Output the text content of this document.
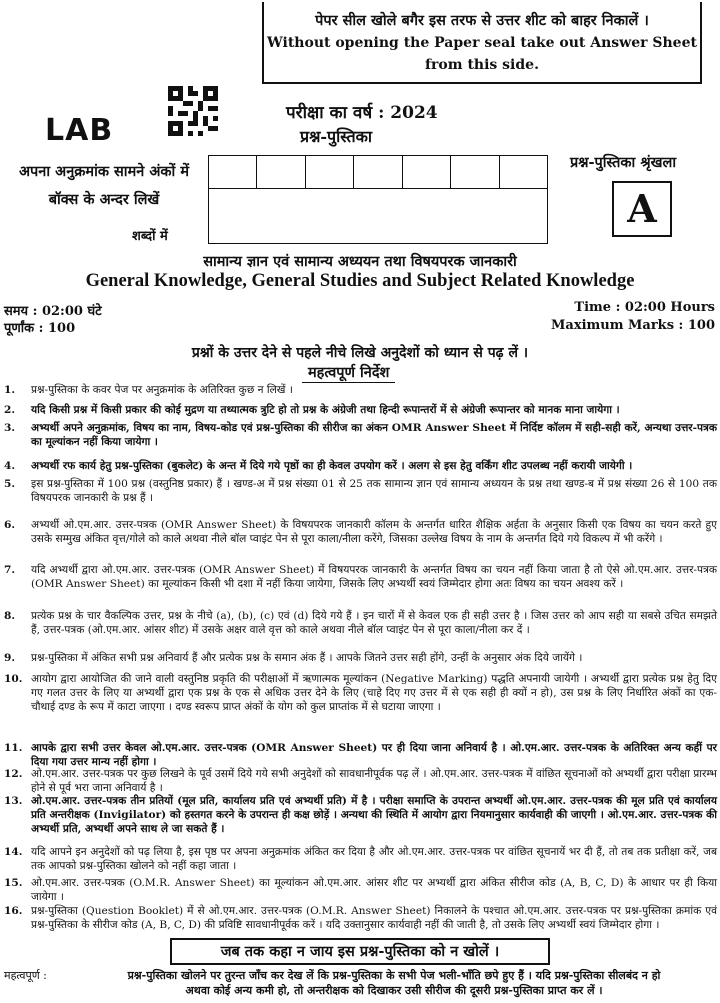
पेपर सील खोले बगैर इस तरफ से उत्तर शीट को बाहर निकालें ।
Without opening the Paper seal take out Answer Sheet
from this side.
LAB	परीक्षा का वर्ष : 2024
प्रश्न-पुस्तिका
अपना अनुक्रमांक सामने अंकों में
बॉक्स के अन्दर लिखें
शब्दों में
प्रश्न-पुस्तिका श्रृंखला
A
सामान्य ज्ञान एवं सामान्य अध्ययन तथा विषयपरक जानकारी
General Knowledge, General Studies and Subject Related Knowledge
समय : 02:00 घंटे
पूर्णांक : 100
Time : 02:00 Hours
Maximum Marks : 100
प्रश्नों के उत्तर देने से पहले नीचे लिखे अनुदेशों को ध्यान से पढ़ लें ।
महत्वपूर्ण निर्देश
1.	प्रश्न-पुस्तिका के कवर पेज पर अनुक्रमांक के अतिरिक्त कुछ न लिखें ।
2.	यदि किसी प्रश्न में किसी प्रकार की कोई मुद्रण या तथ्यात्मक त्रुटि हो तो प्रश्न के अंग्रेजी तथा हिन्दी रूपान्तरों में से अंग्रेजी रूपान्तर को मानक माना जायेगा ।
3.	अभ्यर्थी अपने अनुक्रमांक, विषय का नाम, विषय-कोड एवं प्रश्न-पुस्तिका की सीरीज का अंकन OMR Answer Sheet में निर्दिष्ट कॉलम में सही-सही करें, अन्यथा उत्तर-पत्रक का मूल्यांकन नहीं किया जायेगा ।
4.	अभ्यर्थी रफ कार्य हेतु प्रश्न-पुस्तिका (बुकलेट) के अन्त में दिये गये पृष्ठों का ही केवल उपयोग करें । अलग से इस हेतु वर्किंग शीट उपलब्ध नहीं करायी जायेगी ।
5.	इस प्रश्न-पुस्तिका में 100 प्रश्न (वस्तुनिष्ठ प्रकार) हैं । खण्ड-अ में प्रश्न संख्या 01 से 25 तक सामान्य ज्ञान एवं सामान्य अध्ययन के प्रश्न तथा खण्ड-ब में प्रश्न संख्या 26 से 100 तक विषयपरक जानकारी के प्रश्न हैं ।
6.	अभ्यर्थी ओ.एम.आर. उत्तर-पत्रक (OMR Answer Sheet) के विषयपरक जानकारी कॉलम के अन्तर्गत धारित शैक्षिक अर्हता के अनुसार किसी एक विषय का चयन करते हुए उसके सम्मुख अंकित वृत्त/गोले को काले अथवा नीले बॉल प्वाइंट पेन से पूरा काला/नीला करेंगे, जिसका उल्लेख विषय के नाम के अन्तर्गत दिये गये विकल्प में भी करेंगे ।
7.	यदि अभ्यर्थी द्वारा ओ.एम.आर. उत्तर-पत्रक (OMR Answer Sheet) में विषयपरक जानकारी के अन्तर्गत विषय का चयन नहीं किया जाता है तो ऐसे ओ.एम.आर. उत्तर-पत्रक (OMR Answer Sheet) का मूल्यांकन किसी भी दशा में नहीं किया जायेगा, जिसके लिए अभ्यर्थी स्वयं जिम्मेदार होगा अतः विषय का चयन अवश्य करें ।
8.	प्रत्येक प्रश्न के चार वैकल्पिक उत्तर, प्रश्न के नीचे (a), (b), (c) एवं (d) दिये गये हैं । इन चारों में से केवल एक ही सही उत्तर है । जिस उत्तर को आप सही या सबसे उचित समझते हैं, उत्तर-पत्रक (ओ.एम.आर. आंसर शीट) में उसके अक्षर वाले वृत्त को काले अथवा नीले बॉल प्वाइंट पेन से पूरा काला/नीला कर दें ।
9.	प्रश्न-पुस्तिका में अंकित सभी प्रश्न अनिवार्य हैं और प्रत्येक प्रश्न के समान अंक हैं । आपके जितने उत्तर सही होंगे, उन्हीं के अनुसार अंक दिये जायेंगे ।
10. आयोग द्वारा आयोजित की जाने वाली वस्तुनिष्ठ प्रकृति की परीक्षाओं में ऋणात्मक मूल्यांकन (Negative Marking) पद्धति अपनायी जायेगी । अभ्यर्थी द्वारा प्रत्येक प्रश्न हेतु दिए गए गलत उत्तर के लिए या अभ्यर्थी द्वारा एक प्रश्न के एक से अधिक उत्तर देने के लिए (चाहे दिए गए उत्तर में से एक सही ही क्यों न हो), उस प्रश्न के लिए निर्धारित अंकों का एक-चौथाई दण्ड के रूप में काटा जाएगा । दण्ड स्वरूप प्राप्त अंकों के योग को कुल प्राप्तांक में से घटाया जाएगा ।
11. आपके द्वारा सभी उत्तर केवल ओ.एम.आर. उत्तर-पत्रक (OMR Answer Sheet) पर ही दिया जाना अनिवार्य है । ओ.एम.आर. उत्तर-पत्रक के अतिरिक्त अन्य कहीं पर दिया गया उत्तर मान्य नहीं होगा ।
12. ओ.एम.आर. उत्तर-पत्रक पर कुछ लिखने के पूर्व उसमें दिये गये सभी अनुदेशों को सावधानीपूर्वक पढ़ लें । ओ.एम.आर. उत्तर-पत्रक में वांछित सूचनाओं को अभ्यर्थी द्वारा परीक्षा प्रारम्भ होने से पूर्व भरा जाना अनिवार्य है ।
13. ओ.एम.आर. उत्तर-पत्रक तीन प्रतियों (मूल प्रति, कार्यालय प्रति एवं अभ्यर्थी प्रति) में है । परीक्षा समाप्ति के उपरान्त अभ्यर्थी ओ.एम.आर. उत्तर-पत्रक की मूल प्रति एवं कार्यालय प्रति अन्तरीक्षक (Invigilator) को हस्तगत करने के उपरान्त ही कक्ष छोड़ें । अन्यथा की स्थिति में आयोग द्वारा नियमानुसार कार्यवाही की जाएगी । ओ.एम.आर. उत्तर-पत्रक की अभ्यर्थी प्रति, अभ्यर्थी अपने साथ ले जा सकते हैं ।
14. यदि आपने इन अनुदेशों को पढ़ लिया है, इस पृष्ठ पर अपना अनुक्रमांक अंकित कर दिया है और ओ.एम.आर. उत्तर-पत्रक पर वांछित सूचनायें भर दी हैं, तो तब तक प्रतीक्षा करें, जब तक आपको प्रश्न-पुस्तिका खोलने को नहीं कहा जाता ।
15. ओ.एम.आर. उत्तर-पत्रक (O.M.R. Answer Sheet) का मूल्यांकन ओ.एम.आर. आंसर शीट पर अभ्यर्थी द्वारा अंकित सीरीज कोड (A, B, C, D) के आधार पर ही किया जायेगा ।
16. प्रश्न-पुस्तिका (Question Booklet) में से ओ.एम.आर. उत्तर-पत्रक (O.M.R. Answer Sheet) निकालने के पश्चात ओ.एम.आर. उत्तर-पत्रक पर प्रश्न-पुस्तिका क्रमांक एवं प्रश्न-पुस्तिका के सीरीज कोड (A, B, C, D) की प्रविष्टि सावधानीपूर्वक करें । यदि उक्तानुसार कार्यवाही नहीं की जाती है, तो उसके लिए अभ्यर्थी स्वयं जिम्मेदार होगा ।
जब तक कहा न जाय इस प्रश्न-पुस्तिका को न खोलें ।
महत्वपूर्ण :	प्रश्न-पुस्तिका खोलने पर तुरन्त जाँच कर देख लें कि प्रश्न-पुस्तिका के सभी पेज भली-भाँति छपे हुए हैं । यदि प्रश्न-पुस्तिका सीलबंद न हो
अथवा कोई अन्य कमी हो, तो अन्तरीक्षक को दिखाकर उसी सीरीज की दूसरी प्रश्न-पुस्तिका प्राप्त कर लें ।
